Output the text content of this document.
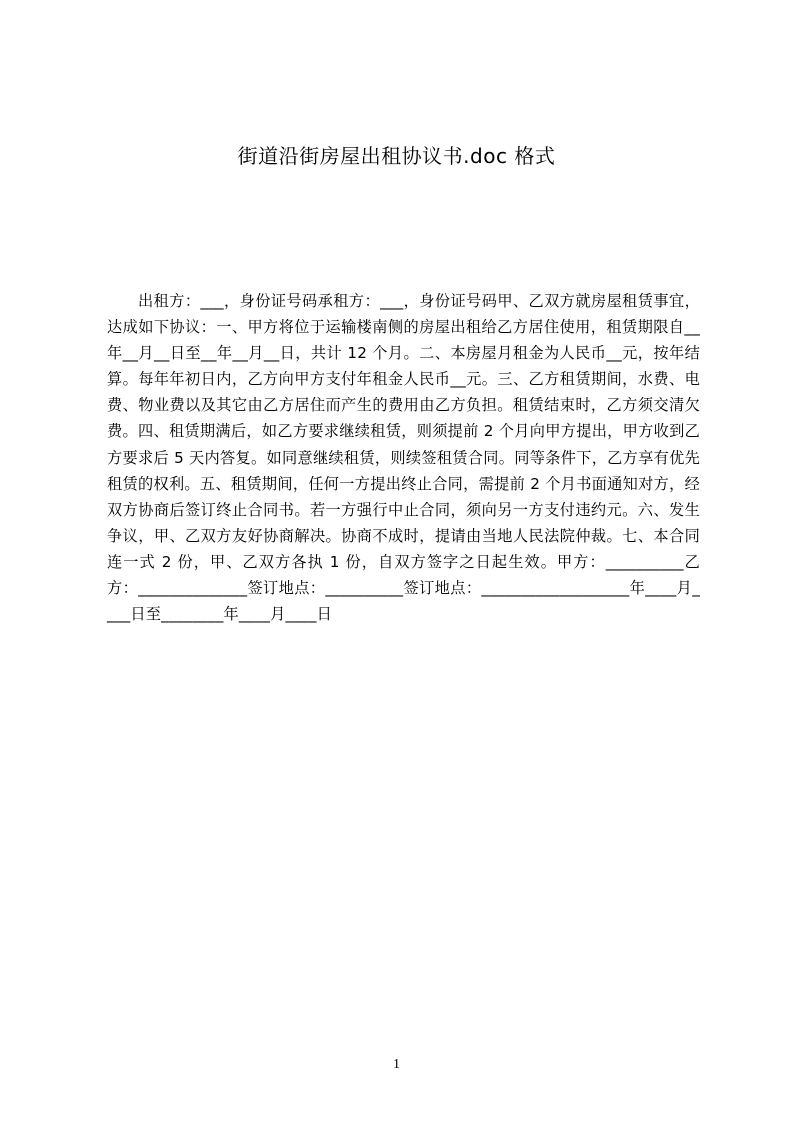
街道沿街房屋出租协议书.doc 格式
出租方：___，身份证号码承租方：___，身份证号码甲、乙双方就房屋租赁事宜，达成如下协议：一、甲方将位于运输楼南侧的房屋出租给乙方居住使用，租赁期限自__年__月__日至__年__月__日，共计 12 个月。二、本房屋月租金为人民币__元，按年结算。每年年初日内，乙方向甲方支付年租金人民币__元。三、乙方租赁期间，水费、电费、物业费以及其它由乙方居住而产生的费用由乙方负担。租赁结束时，乙方须交清欠费。四、租赁期满后，如乙方要求继续租赁，则须提前 2 个月向甲方提出，甲方收到乙方要求后 5 天内答复。如同意继续租赁，则续签租赁合同。同等条件下，乙方享有优先租赁的权利。五、租赁期间，任何一方提出终止合同，需提前 2 个月书面通知对方，经双方协商后签订终止合同书。若一方强行中止合同，须向另一方支付违约元。六、发生争议，甲、乙双方友好协商解决。协商不成时，提请由当地人民法院仲裁。七、本合同连一式 2 份，甲、乙双方各执 1 份，自双方签字之日起生效。甲方：__________乙方：______________签订地点：__________签订地点：___________________年____月____日至________年____月____日
1
